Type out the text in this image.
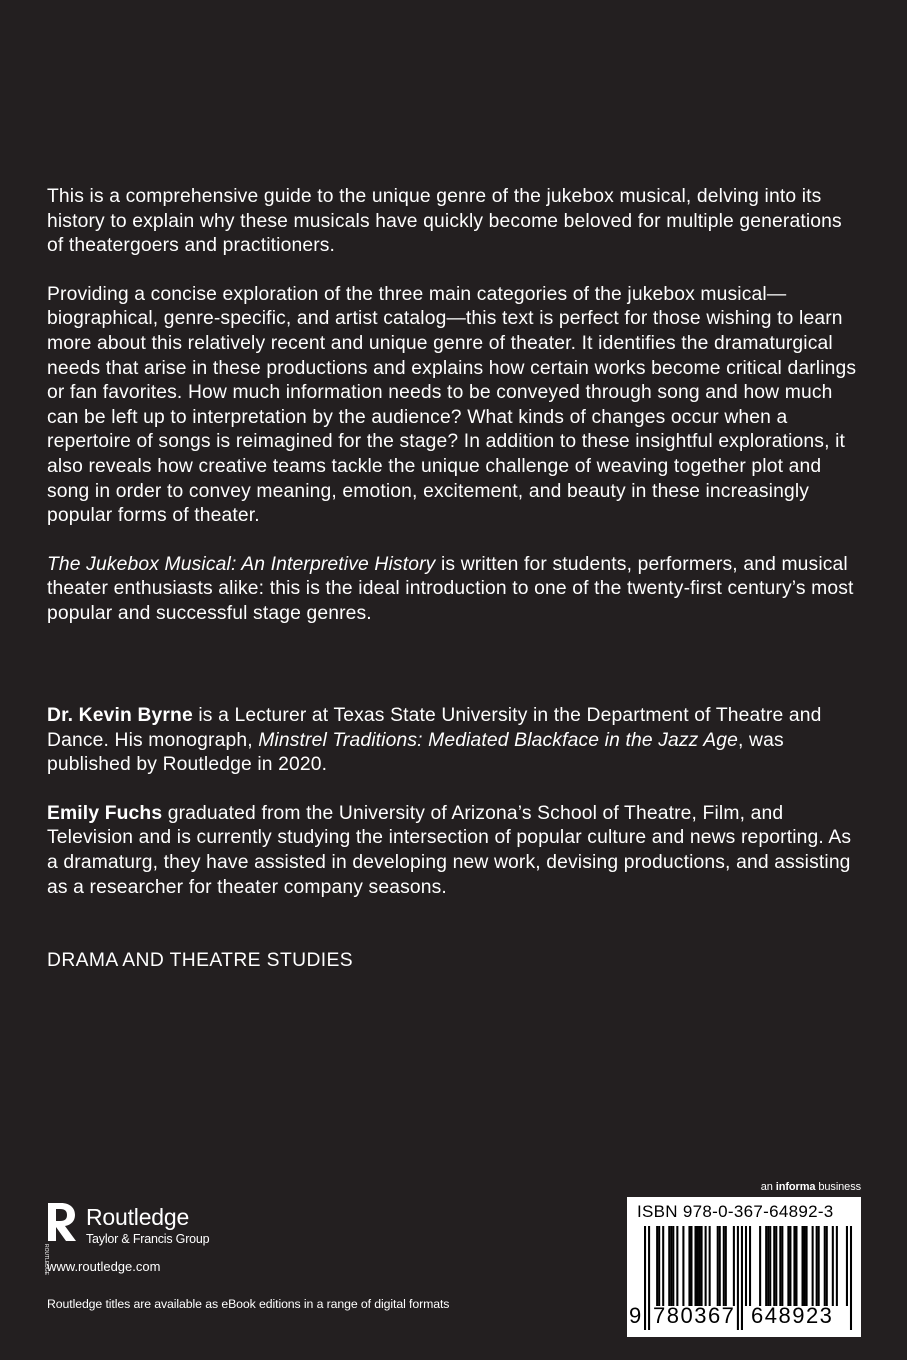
This is a comprehensive guide to the unique genre of the jukebox musical, delving into its history to explain why these musicals have quickly become beloved for multiple generations of theatergoers and practitioners.

Providing a concise exploration of the three main categories of the jukebox musical—biographical, genre-specific, and artist catalog—this text is perfect for those wishing to learn more about this relatively recent and unique genre of theater. It identifies the dramaturgical needs that arise in these productions and explains how certain works become critical darlings or fan favorites. How much information needs to be conveyed through song and how much can be left up to interpretation by the audience? What kinds of changes occur when a repertoire of songs is reimagined for the stage? In addition to these insightful explorations, it also reveals how creative teams tackle the unique challenge of weaving together plot and song in order to convey meaning, emotion, excitement, and beauty in these increasingly popular forms of theater.

The Jukebox Musical: An Interpretive History is written for students, performers, and musical theater enthusiasts alike: this is the ideal introduction to one of the twenty-first century’s most popular and successful stage genres.

Dr. Kevin Byrne is a Lecturer at Texas State University in the Department of Theatre and Dance. His monograph, Minstrel Traditions: Mediated Blackface in the Jazz Age, was published by Routledge in 2020.

Emily Fuchs graduated from the University of Arizona’s School of Theatre, Film, and Television and is currently studying the intersection of popular culture and news reporting. As a dramaturg, they have assisted in developing new work, devising productions, and assisting as a researcher for theater company seasons.

DRAMA AND THEATRE STUDIES
ROUTLEDGE
Routledge
Taylor & Francis Group
www.routledge.com
Routledge titles are available as eBook editions in a range of digital formats
an informa business
ISBN 978-0-367-64892-3
9 780367 648923
